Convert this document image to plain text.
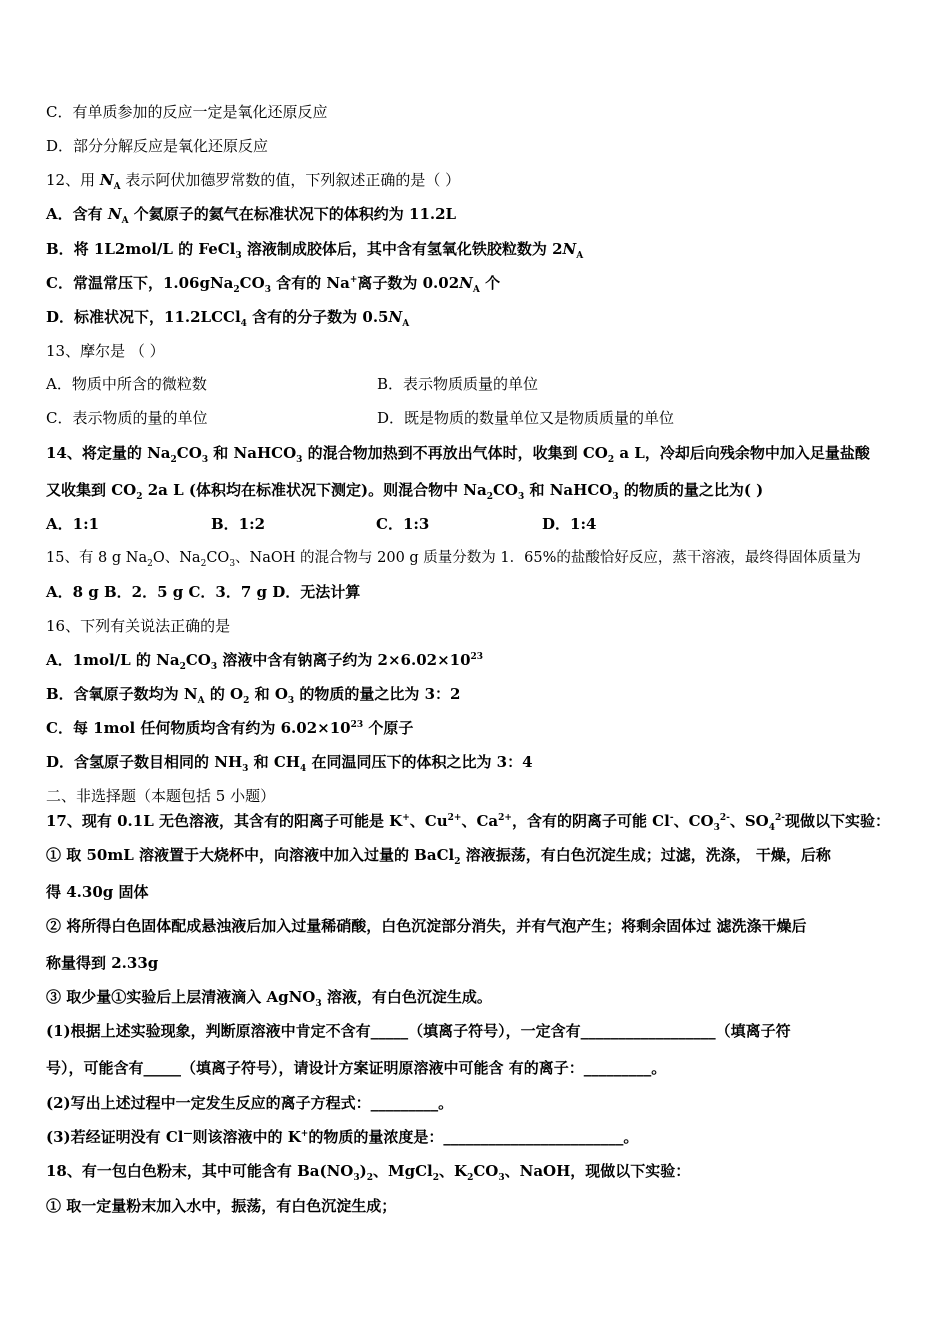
C．有单质参加的反应一定是氧化还原反应
D．部分分解反应是氧化还原反应
12、用 $N_A$ 表示阿伏加德罗常数的值，下列叙述正确的是（ ）
A．含有 $N_A$ 个氦原子的氦气在标准状况下的体积约为 11.2L
B．将 1L2mol/L 的 FeCl$_3$ 溶液制成胶体后，其中含有氢氧化铁胶粒数为 $2N_A$
C．常温常压下，$1.06gNa_2CO_3$ 含有的 Na+离子数为 $0.02N_A$ 个
D．标准状况下，11.2LCCl$_4$ 含有的分子数为 $0.5N_A$
13、摩尔是 （ ）
A．物质中所含的微粒数	B．表示物质质量的单位
C．表示物质的量的单位	D．既是物质的数量单位又是物质质量的单位
14、将定量的 $Na_2CO_3$ 和 NaHCO$_3$ 的混合物加热到不再放出气体时，收集到 $CO_2$ a L，冷却后向残余物中加入足量盐酸
又收集到 $CO_2$ 2a L (体积均在标准状况下测定)。则混合物中 $Na_2CO_3$ 和 NaHCO$_3$ 的物质的量之比为( )
A．1:1	B．1:2	C．1:3	D．1:4
15、有 8 g $Na_2O$、$Na_2CO_3$、NaOH 的混合物与 200 g 质量分数为 1．65%的盐酸恰好反应，蒸干溶液，最终得固体质量为
A．8 g B．2．5 g C．3．7 g D．无法计算
16、下列有关说法正确的是
A．1mol/L 的 $Na_2CO_3$ 溶液中含有钠离子约为 $2\times 6.02\times 10^{23}$
B．含氧原子数均为 $N_A$ 的 $O_2$ 和 $O_3$ 的物质的量之比为 3：2
C．每 1mol 任何物质均含有约为 $6.02\times 10^{23}$ 个原子
D．含氢原子数目相同的 $NH_3$ 和 $CH_4$ 在同温同压下的体积之比为 3：4
二、非选择题（本题包括 5 小题）
17、现有 0.1L 无色溶液，其含有的阳离子可能是 K+、$Cu^{2+}$、$Ca^{2+}$，含有的阴离子可能 Cl-、$CO_3^{2-}$、$SO_4^{2-}$现做以下实验：
① 取 50mL 溶液置于大烧杯中，向溶液中加入过量的 BaCl$_2$ 溶液振荡，有白色沉淀生成；过滤，洗涤， 干燥，后称
得 4.30g 固体
② 将所得白色固体配成悬浊液后加入过量稀硝酸，白色沉淀部分消失，并有气泡产生；将剩余固体过 滤洗涤干燥后
称量得到 2.33g
③ 取少量①实验后上层清液滴入 AgNO$_3$ 溶液，有白色沉淀生成。
(1)根据上述实验现象，判断原溶液中肯定不含有_____（填离子符号），一定含有__________________（填离子符
号），可能含有_____（填离子符号），请设计方案证明原溶液中可能含 有的离子：_________。
(2)写出上述过程中一定发生反应的离子方程式：_________。
(3)若经证明没有 Cl—则该溶液中的 K+的物质的量浓度是：________________________。
18、有一包白色粉末，其中可能含有 $Ba(NO_3)_2$、MgCl$_2$、$K_2CO_3$、NaOH，现做以下实验：
① 取一定量粉末加入水中，振荡，有白色沉淀生成；
